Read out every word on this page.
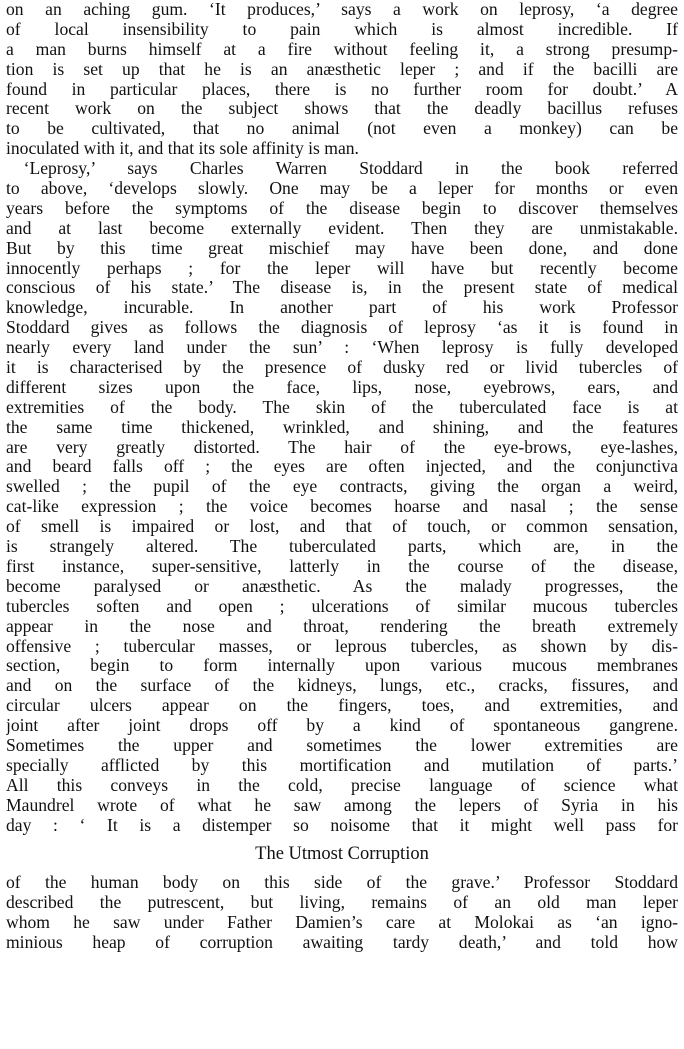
on an aching gum. ‘It produces,’ says a work on leprosy, ‘a degree
of local insensibility to pain which is almost incredible. If
a man burns himself at a fire without feeling it, a strong presump-
tion is set up that he is an anæsthetic leper ; and if the bacilli are
found in particular places, there is no further room for doubt.’ A
recent work on the subject shows that the deadly bacillus refuses
to be cultivated, that no animal (not even a monkey) can be
inoculated with it, and that its sole affinity is man.
 ‘Leprosy,’ says Charles Warren Stoddard in the book referred
to above, ‘develops slowly. One may be a leper for months or even
years before the symptoms of the disease begin to discover themselves
and at last become externally evident. Then they are unmistakable.
But by this time great mischief may have been done, and done
innocently perhaps ; for the leper will have but recently become
conscious of his state.’ The disease is, in the present state of medical
knowledge, incurable. In another part of his work Professor
Stoddard gives as follows the diagnosis of leprosy ‘as it is found in
nearly every land under the sun’ : ‘When leprosy is fully developed
it is characterised by the presence of dusky red or livid tubercles of
different sizes upon the face, lips, nose, eyebrows, ears, and
extremities of the body. The skin of the tuberculated face is at
the same time thickened, wrinkled, and shining, and the features
are very greatly distorted. The hair of the eye-brows, eye-lashes,
and beard falls off ; the eyes are often injected, and the conjunctiva
swelled ; the pupil of the eye contracts, giving the organ a weird,
cat-like expression ; the voice becomes hoarse and nasal ; the sense
of smell is impaired or lost, and that of touch, or common sensation,
is strangely altered. The tuberculated parts, which are, in the
first instance, super-sensitive, latterly in the course of the disease,
become paralysed or anæsthetic. As the malady progresses, the
tubercles soften and open ; ulcerations of similar mucous tubercles
appear in the nose and throat, rendering the breath extremely
offensive ; tubercular masses, or leprous tubercles, as shown by dis-
section, begin to form internally upon various mucous membranes
and on the surface of the kidneys, lungs, etc., cracks, fissures, and
circular ulcers appear on the fingers, toes, and extremities, and
joint after joint drops off by a kind of spontaneous gangrene.
Sometimes the upper and sometimes the lower extremities are
specially afflicted by this mortification and mutilation of parts.’
All this conveys in the cold, precise language of science what
Maundrel wrote of what he saw among the lepers of Syria in his
day : ‘ It is a distemper so noisome that it might well pass for
The Utmost Corruption
of the human body on this side of the grave.’ Professor Stoddard
described the putrescent, but living, remains of an old man leper
whom he saw under Father Damien’s care at Molokai as ‘an igno-
minious heap of corruption awaiting tardy death,’ and told how
